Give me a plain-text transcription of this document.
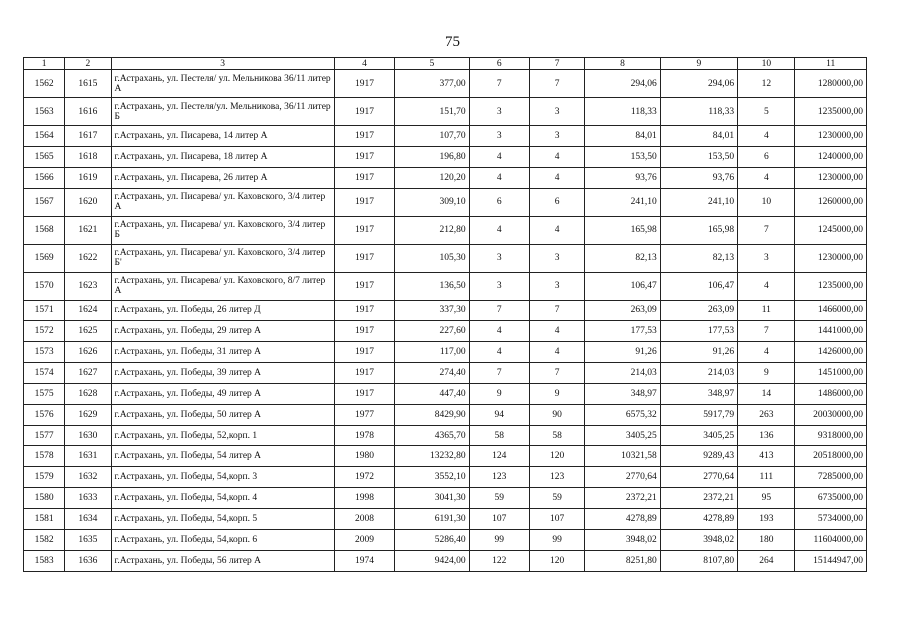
75
1	2	3	4	5	6	7	8	9	10	11
1562	1615	г.Астрахань, ул. Пестеля/ ул. Мельникова 36/11 литер А	1917	377,00	7	7	294,06	294,06	12	1280000,00
1563	1616	г.Астрахань, ул. Пестеля/ул. Мельникова, 36/11 литер Б	1917	151,70	3	3	118,33	118,33	5	1235000,00
1564	1617	г.Астрахань, ул. Писарева, 14 литер А	1917	107,70	3	3	84,01	84,01	4	1230000,00
1565	1618	г.Астрахань, ул. Писарева, 18 литер А	1917	196,80	4	4	153,50	153,50	6	1240000,00
1566	1619	г.Астрахань, ул. Писарева, 26 литер А	1917	120,20	4	4	93,76	93,76	4	1230000,00
1567	1620	г.Астрахань, ул. Писарева/ ул. Каховского, 3/4 литер А	1917	309,10	6	6	241,10	241,10	10	1260000,00
1568	1621	г.Астрахань, ул. Писарева/ ул. Каховского, 3/4 литер Б	1917	212,80	4	4	165,98	165,98	7	1245000,00
1569	1622	г.Астрахань, ул. Писарева/ ул. Каховского, 3/4 литер Б'	1917	105,30	3	3	82,13	82,13	3	1230000,00
1570	1623	г.Астрахань, ул. Писарева/ ул. Каховского, 8/7 литер А	1917	136,50	3	3	106,47	106,47	4	1235000,00
1571	1624	г.Астрахань, ул. Победы, 26 литер Д	1917	337,30	7	7	263,09	263,09	11	1466000,00
1572	1625	г.Астрахань, ул. Победы, 29 литер А	1917	227,60	4	4	177,53	177,53	7	1441000,00
1573	1626	г.Астрахань, ул. Победы, 31 литер А	1917	117,00	4	4	91,26	91,26	4	1426000,00
1574	1627	г.Астрахань, ул. Победы, 39 литер А	1917	274,40	7	7	214,03	214,03	9	1451000,00
1575	1628	г.Астрахань, ул. Победы, 49 литер А	1917	447,40	9	9	348,97	348,97	14	1486000,00
1576	1629	г.Астрахань, ул. Победы, 50 литер А	1977	8429,90	94	90	6575,32	5917,79	263	20030000,00
1577	1630	г.Астрахань, ул. Победы, 52,корп. 1	1978	4365,70	58	58	3405,25	3405,25	136	9318000,00
1578	1631	г.Астрахань, ул. Победы, 54 литер А	1980	13232,80	124	120	10321,58	9289,43	413	20518000,00
1579	1632	г.Астрахань, ул. Победы, 54,корп. 3	1972	3552,10	123	123	2770,64	2770,64	111	7285000,00
1580	1633	г.Астрахань, ул. Победы, 54,корп. 4	1998	3041,30	59	59	2372,21	2372,21	95	6735000,00
1581	1634	г.Астрахань, ул. Победы, 54,корп. 5	2008	6191,30	107	107	4278,89	4278,89	193	5734000,00
1582	1635	г.Астрахань, ул. Победы, 54,корп. 6	2009	5286,40	99	99	3948,02	3948,02	180	11604000,00
1583	1636	г.Астрахань, ул. Победы, 56 литер А	1974	9424,00	122	120	8251,80	8107,80	264	15144947,00
